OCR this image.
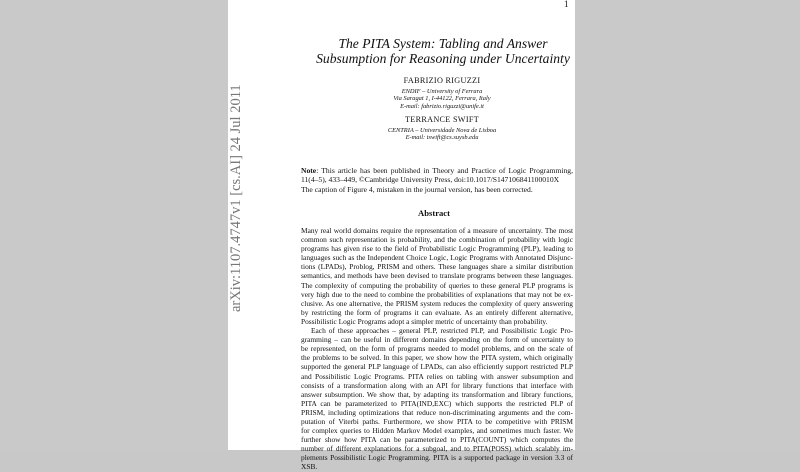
1
arXiv:1107.4747v1 [cs.AI] 24 Jul 2011
The PITA System: Tabling and Answer
Subsumption for Reasoning under Uncertainty
FABRIZIO RIGUZZI
ENDIF – University of Ferrara
Via Saragat 1, I-44122, Ferrara, Italy
E-mail: fabrizio.riguzzi@unife.it
TERRANCE SWIFT
CENTRIA – Universidade Nova de Lisboa
E-mail: tswift@cs.suysb.edu
Note: This article has been published in Theory and Practice of Logic Programming, 11(4–5), 433–449, ©Cambridge University Press, doi:10.1017/S147106841100010X
The caption of Figure 4, mistaken in the journal version, has been corrected.
Abstract
Many real world domains require the representation of a measure of uncertainty. The most
common such representation is probability, and the combination of probability with logic
programs has given rise to the field of Probabilistic Logic Programming (PLP), leading to
languages such as the Independent Choice Logic, Logic Programs with Annotated Disjunc-
tions (LPADs), Problog, PRISM and others. These languages share a similar distribution
semantics, and methods have been devised to translate programs between these languages.
The complexity of computing the probability of queries to these general PLP programs is
very high due to the need to combine the probabilities of explanations that may not be ex-
clusive. As one alternative, the PRISM system reduces the complexity of query answering
by restricting the form of programs it can evaluate. As an entirely different alternative,
Possibilistic Logic Programs adopt a simpler metric of uncertainty than probability.
Each of these approaches – general PLP, restricted PLP, and Possibilistic Logic Pro-
gramming – can be useful in different domains depending on the form of uncertainty to
be represented, on the form of programs needed to model problems, and on the scale of
the problems to be solved. In this paper, we show how the PITA system, which originally
supported the general PLP language of LPADs, can also efficiently support restricted PLP
and Possibilistic Logic Programs. PITA relies on tabling with answer subsumption and
consists of a transformation along with an API for library functions that interface with
answer subsumption. We show that, by adapting its transformation and library functions,
PITA can be parameterized to PITA(IND,EXC) which supports the restricted PLP of
PRISM, including optimizations that reduce non-discriminating arguments and the com-
putation of Viterbi paths. Furthermore, we show PITA to be competitive with PRISM
for complex queries to Hidden Markov Model examples, and sometimes much faster. We
further show how PITA can be parameterized to PITA(COUNT) which computes the
number of different explanations for a subgoal, and to PITA(POSS) which scalably im-
plements Possibilistic Logic Programming. PITA is a supported package in version 3.3 of
XSB.
